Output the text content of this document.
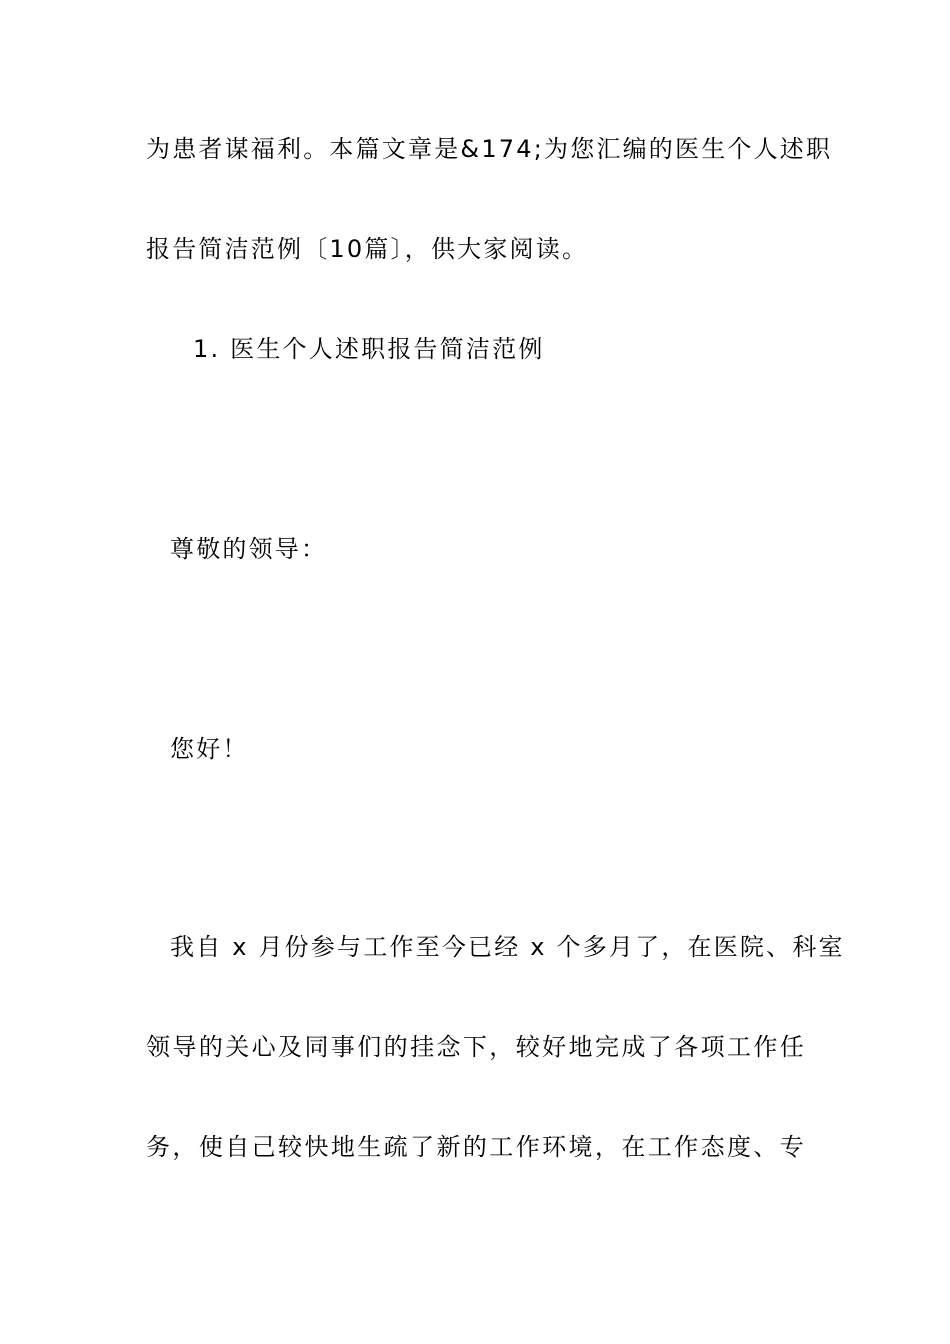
为患者谋福利。本篇文章是&174;为您汇编的医生个人述职
报告简洁范例〔10篇〕，供大家阅读。
1. 医生个人述职报告简洁范例
尊敬的领导：
您好！
我自 x 月份参与工作至今已经 x 个多月了，在医院、科室
领导的关心及同事们的挂念下，较好地完成了各项工作任
务，使自己较快地生疏了新的工作环境，在工作态度、专
